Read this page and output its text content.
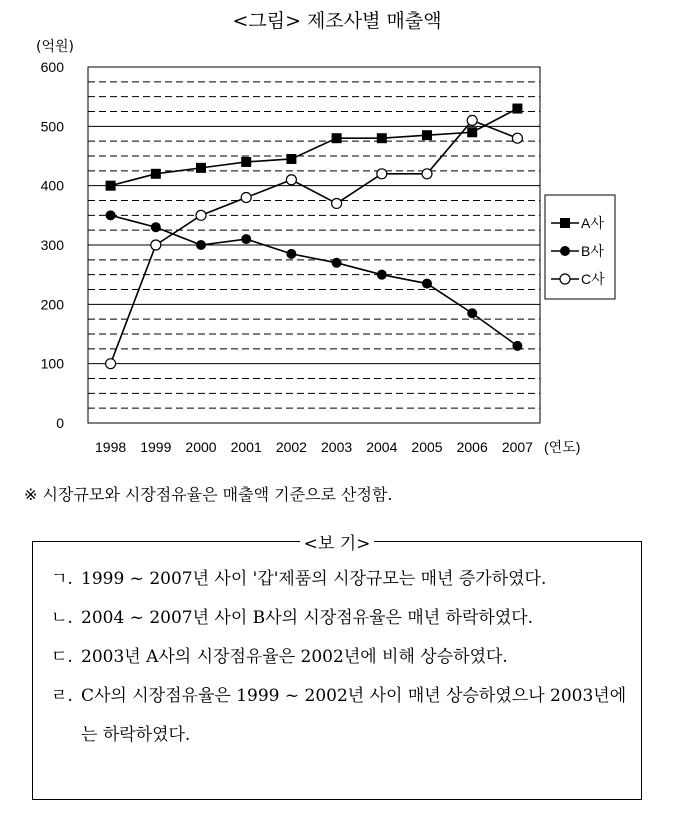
<그림> 제조사별 매출액
(억원)
0
100
200
300
400
500
600
1998 1999 2000 2001 2002 2003 2004 2005 2006 2007 (연도)
A사
B사
C사
※ 시장규모와 시장점유율은 매출액 기준으로 산정함.
<보 기>
ㄱ. 1999 ~ 2007년 사이 '갑'제품의 시장규모는 매년 증가하였다.
ㄴ. 2004 ~ 2007년 사이 B사의 시장점유율은 매년 하락하였다.
ㄷ. 2003년 A사의 시장점유율은 2002년에 비해 상승하였다.
ㄹ. C사의 시장점유율은 1999 ~ 2002년 사이 매년 상승하였으나 2003년에는 하락하였다.
